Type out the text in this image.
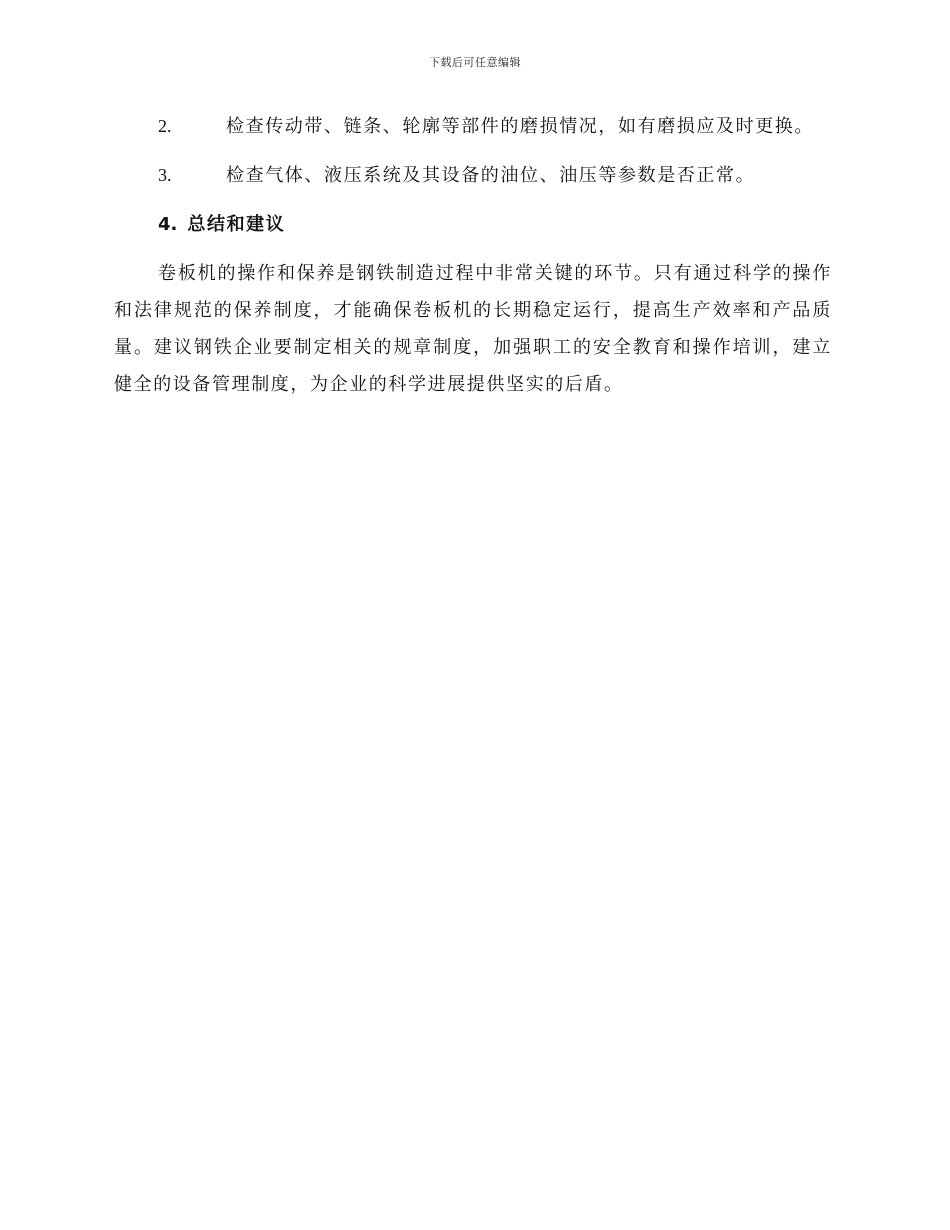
下载后可任意编辑

2.	检查传动带、链条、轮廓等部件的磨损情况，如有磨损应及时更换。

3.	检查气体、液压系统及其设备的油位、油压等参数是否正常。

4. 总结和建议

卷板机的操作和保养是钢铁制造过程中非常关键的环节。只有通过科学的操作和法律规范的保养制度，才能确保卷板机的长期稳定运行，提高生产效率和产品质量。建议钢铁企业要制定相关的规章制度，加强职工的安全教育和操作培训，建立健全的设备管理制度，为企业的科学进展提供坚实的后盾。
